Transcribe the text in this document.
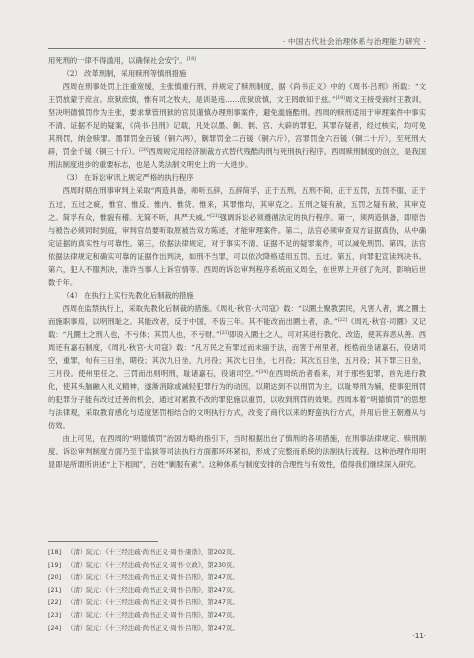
· 中国古代社会治理体系与治理能力研究 ·

用死刑的一律不得滥用，以确保社会安宁。[18]

（2） 改革刑制，采用赎刑等慎刑措施

西周在刑事处罚上注重宽缓，主张慎重行刑，并规定了赎刑制度，据《尚书正义》中的《周书·吕刑》所载：“文王罚放蒙于庶言。庶狱庶慎，惟有司之牧夫，是训是违……庶狱庶慎，文王罔敢知于兹。”[19]周文王接受商纣王教训，坚决明德慎罚作为主张，要求掌管刑狱的官员谨慎办理刑事案件，避免滥施酷刑。西周的赎刑适用于审理案件中事实不清、证据不足的疑案，《尚书·吕刑》记载，凡处以墨、劓、剕、宫、大辟的罪犯，其罪存疑者，经过核实，均可免其刑罚，纳金赎罪。墨罪罚金百锾（铜六两），劓罪罚金二百锾（铜六斤），宫罪罚金六百锾（铜二十斤），至死刑大辟，罚金千锾（铜三十斤）。[20]西周规定用经济制裁方式替代残酷肉刑与死刑执行程序。西周赎刑制度的创立，是我国刑法制度进步的重要标志，也是人类法制文明史上的一大进步。

（3） 在诉讼审讯上规定严格的执行程序

西周时期在刑事审判上采取“两造具备，师听五辞，五辞简孚，正于五刑，五刑不简，正于五罚，五罚不服，正于五过，五过之疵，惟官、惟反、惟内、惟货、惟来，其罪惟均，其审克之。五刑之疑有赦，五罚之疑有赦，其审克之。简孚有众，惟貌有稽。无简不听，具严天威。”[21]强调诉讼必须遵循法定的执行程序。第一，须两造俱备，即原告与被告必须同时到庭，审判官员要听取原被告双方陈述，才能审理案件。第二，法官必须审查双方证据真伪，从中确定证据的真实性与可靠性。第三，依据法律规定，对于事实不清、证据不足的疑罪案件，可以减免刑罚。第四，法官依据法律规定和确实可靠的证据作出判决，如刑不当罪，可以依次降格适用五罚、五过。第五，向罪犯宣读判决书。第六，犯人不服判决，准许当事人上诉官情等。西周的诉讼审判程序系统而又周全，在世界上开创了先河，影响后世数千年。

（4） 在执行上实行先教化后制裁的措施

西周在监禁执行上，采取先教化后制裁的措施。《周礼·秋官·大司寇》载：“以圜土聚教罢民，凡害人者，寘之圜土而施职事焉，以明刑耻之。其能改者，反于中国，不齿三年。其不能改而出圜土者，杀。”[22]《周礼·秋官·司圜》又记载：“凡圜土之刑人也，不亏体；其罚人也，不亏财。”[23]即说入圜土之人，可对其进行教化、改造，使其弃恶从善。西周还有嘉石制度，《周礼·秋官·大司寇》载：“凡万民之有罪过而未丽于法，而害于州里者，桎梏而坐诸嘉石，役诸司空，重罪，旬有三日坐，期役；其次九日坐，九月役；其次七日坐，七月役；其次五日坐，五月役；其下罪三日坐，三月役。使州里任之，三罚而出则明刑，耻诸嘉石，役诸司空。”[24]在西周统治者看来，对于那些犯罪，首先进行教化，使其头脑融入礼义精神，遂渐消除或减轻犯罪行为的动因，以期达到不以刑罚为主，以耻辱刑为辅，使事犯刑罚的犯罪分子能有改过迁善的机会，通过对累教不改的罪犯施以重罚，以收到刑罚的效果。西周本着“明德慎罚”的思想与法律观，采取教育感化与适度惩罚相结合的文明执行方式，改变了商代以来的野蛮执行方式，并用后世王朝遵从与仿效。

由上可见，在西周的“明德慎罚”治国方略的指引下，当时根据出台了慎刑的各项措施，在刑事法律规定、赎刑制度、诉讼审判制度方面乃至于监狱等司法执行方面都环环紧扣，形成了完整而系统的法制执行流程。这种治理作用明显即是所谓所讲述“上下相闻”，百姓“剿服有素”。这种体系与制度安排的合理性与有效性，值得我们继续深入研究。

[18] （清）阮元：《十三经注疏·尚书正义·周书·康诰》，第202页。
[19] （清）阮元：《十三经注疏·尚书正义·周书·立政》，第230页。
[20] （清）阮元：《十三经注疏·尚书正义·周书·吕刑》，第247页。
[21] （清）阮元：《十三经注疏·尚书正义·周书·吕刑》，第247页。
[22] （清）阮元：《十三经注疏·尚书正义·周书·吕刑》，第247页。
[23] （清）阮元：《十三经注疏·尚书正义·周书·吕刑》，第247页。
[24] （清）阮元：《十三经注疏·尚书正义·周书·吕刑》，第247页。
·11·
